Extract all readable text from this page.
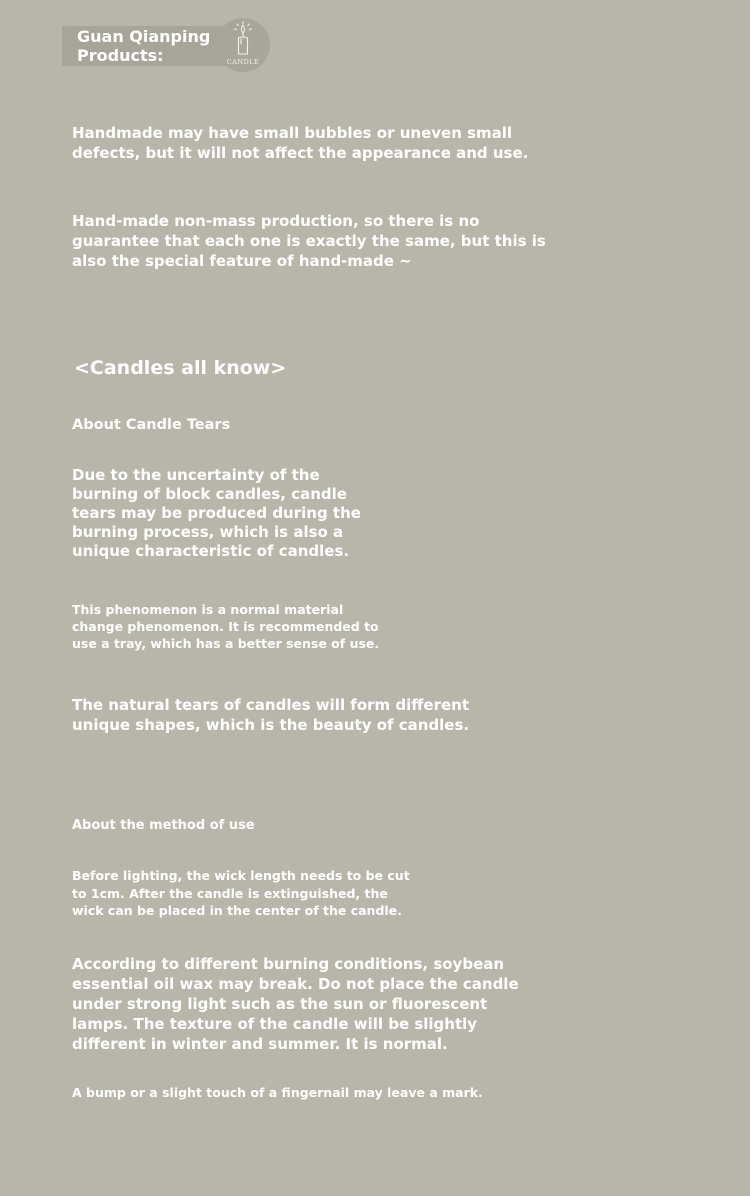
Guan Qianping
Products:	CANDLE

Handmade may have small bubbles or uneven small defects, but it will not affect the appearance and use.

Hand-made non-mass production, so there is no guarantee that each one is exactly the same, but this is also the special feature of hand-made ~

<Candles all know>
About Candle Tears

Due to the uncertainty of the burning of block candles, candle tears may be produced during the burning process, which is also a unique characteristic of candles.

This phenomenon is a normal material change phenomenon. It is recommended to use a tray, which has a better sense of use.

The natural tears of candles will form different unique shapes, which is the beauty of candles.

About the method of use

Before lighting, the wick length needs to be cut to 1cm. After the candle is extinguished, the wick can be placed in the center of the candle.

According to different burning conditions, soybean essential oil wax may break. Do not place the candle under strong light such as the sun or fluorescent lamps. The texture of the candle will be slightly different in winter and summer. It is normal.

A bump or a slight touch of a fingernail may leave a mark.
